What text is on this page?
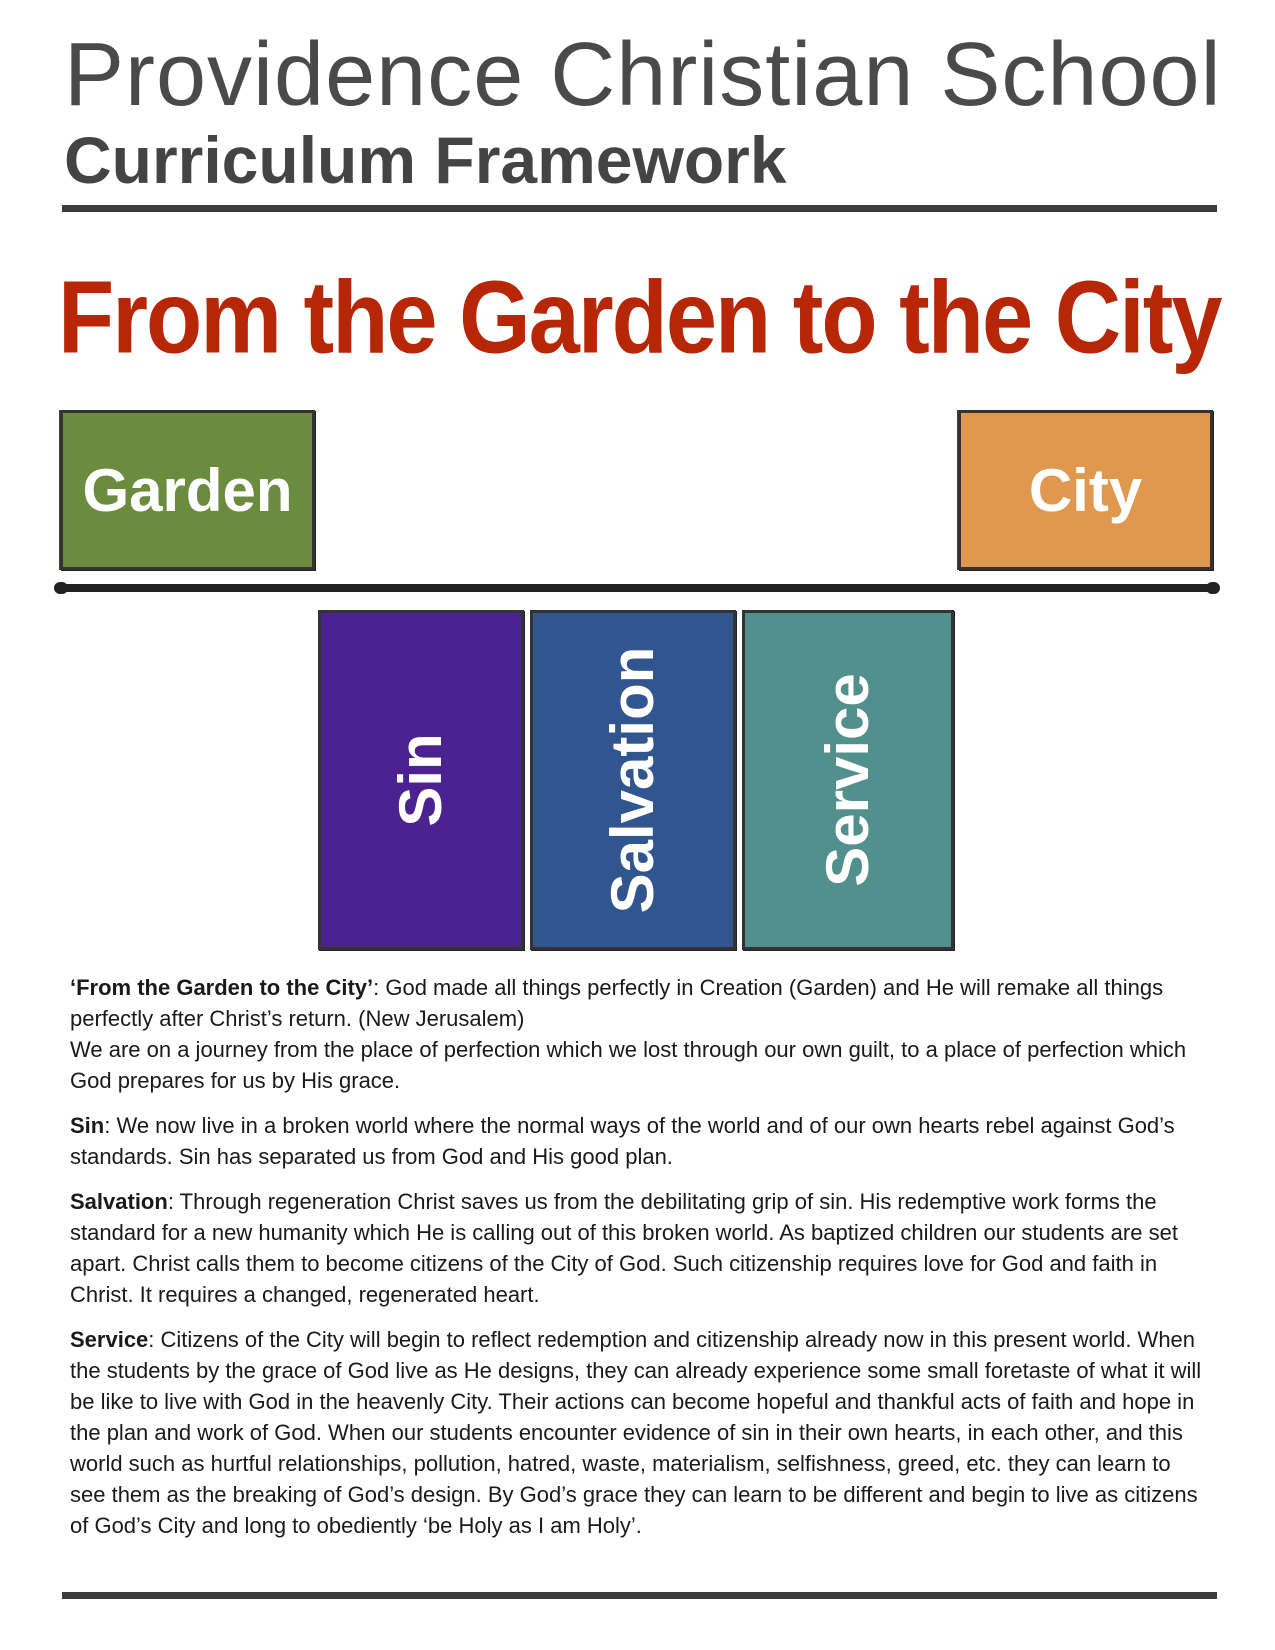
Providence Christian School
Curriculum Framework
From the Garden to the City
Garden	City
Sin Salvation Service

‘From the Garden to the City’: God made all things perfectly in Creation (Garden) and He will remake all things perfectly after Christ’s return. (New Jerusalem)
We are on a journey from the place of perfection which we lost through our own guilt, to a place of perfection which God prepares for us by His grace.

Sin: We now live in a broken world where the normal ways of the world and of our own hearts rebel against God’s standards. Sin has separated us from God and His good plan.

Salvation: Through regeneration Christ saves us from the debilitating grip of sin. His redemptive work forms the standard for a new humanity which He is calling out of this broken world. As baptized children our students are set apart. Christ calls them to become citizens of the City of God. Such citizenship requires love for God and faith in Christ. It requires a changed, regenerated heart.

Service: Citizens of the City will begin to reflect redemption and citizenship already now in this present world. When the students by the grace of God live as He designs, they can already experience some small foretaste of what it will be like to live with God in the heavenly City. Their actions can become hopeful and thankful acts of faith and hope in the plan and work of God. When our students encounter evidence of sin in their own hearts, in each other, and this world such as hurtful relationships, pollution, hatred, waste, materialism, selfishness, greed, etc. they can learn to see them as the breaking of God’s design. By God’s grace they can learn to be different and begin to live as citizens of God’s City and long to obediently ‘be Holy as I am Holy’.
